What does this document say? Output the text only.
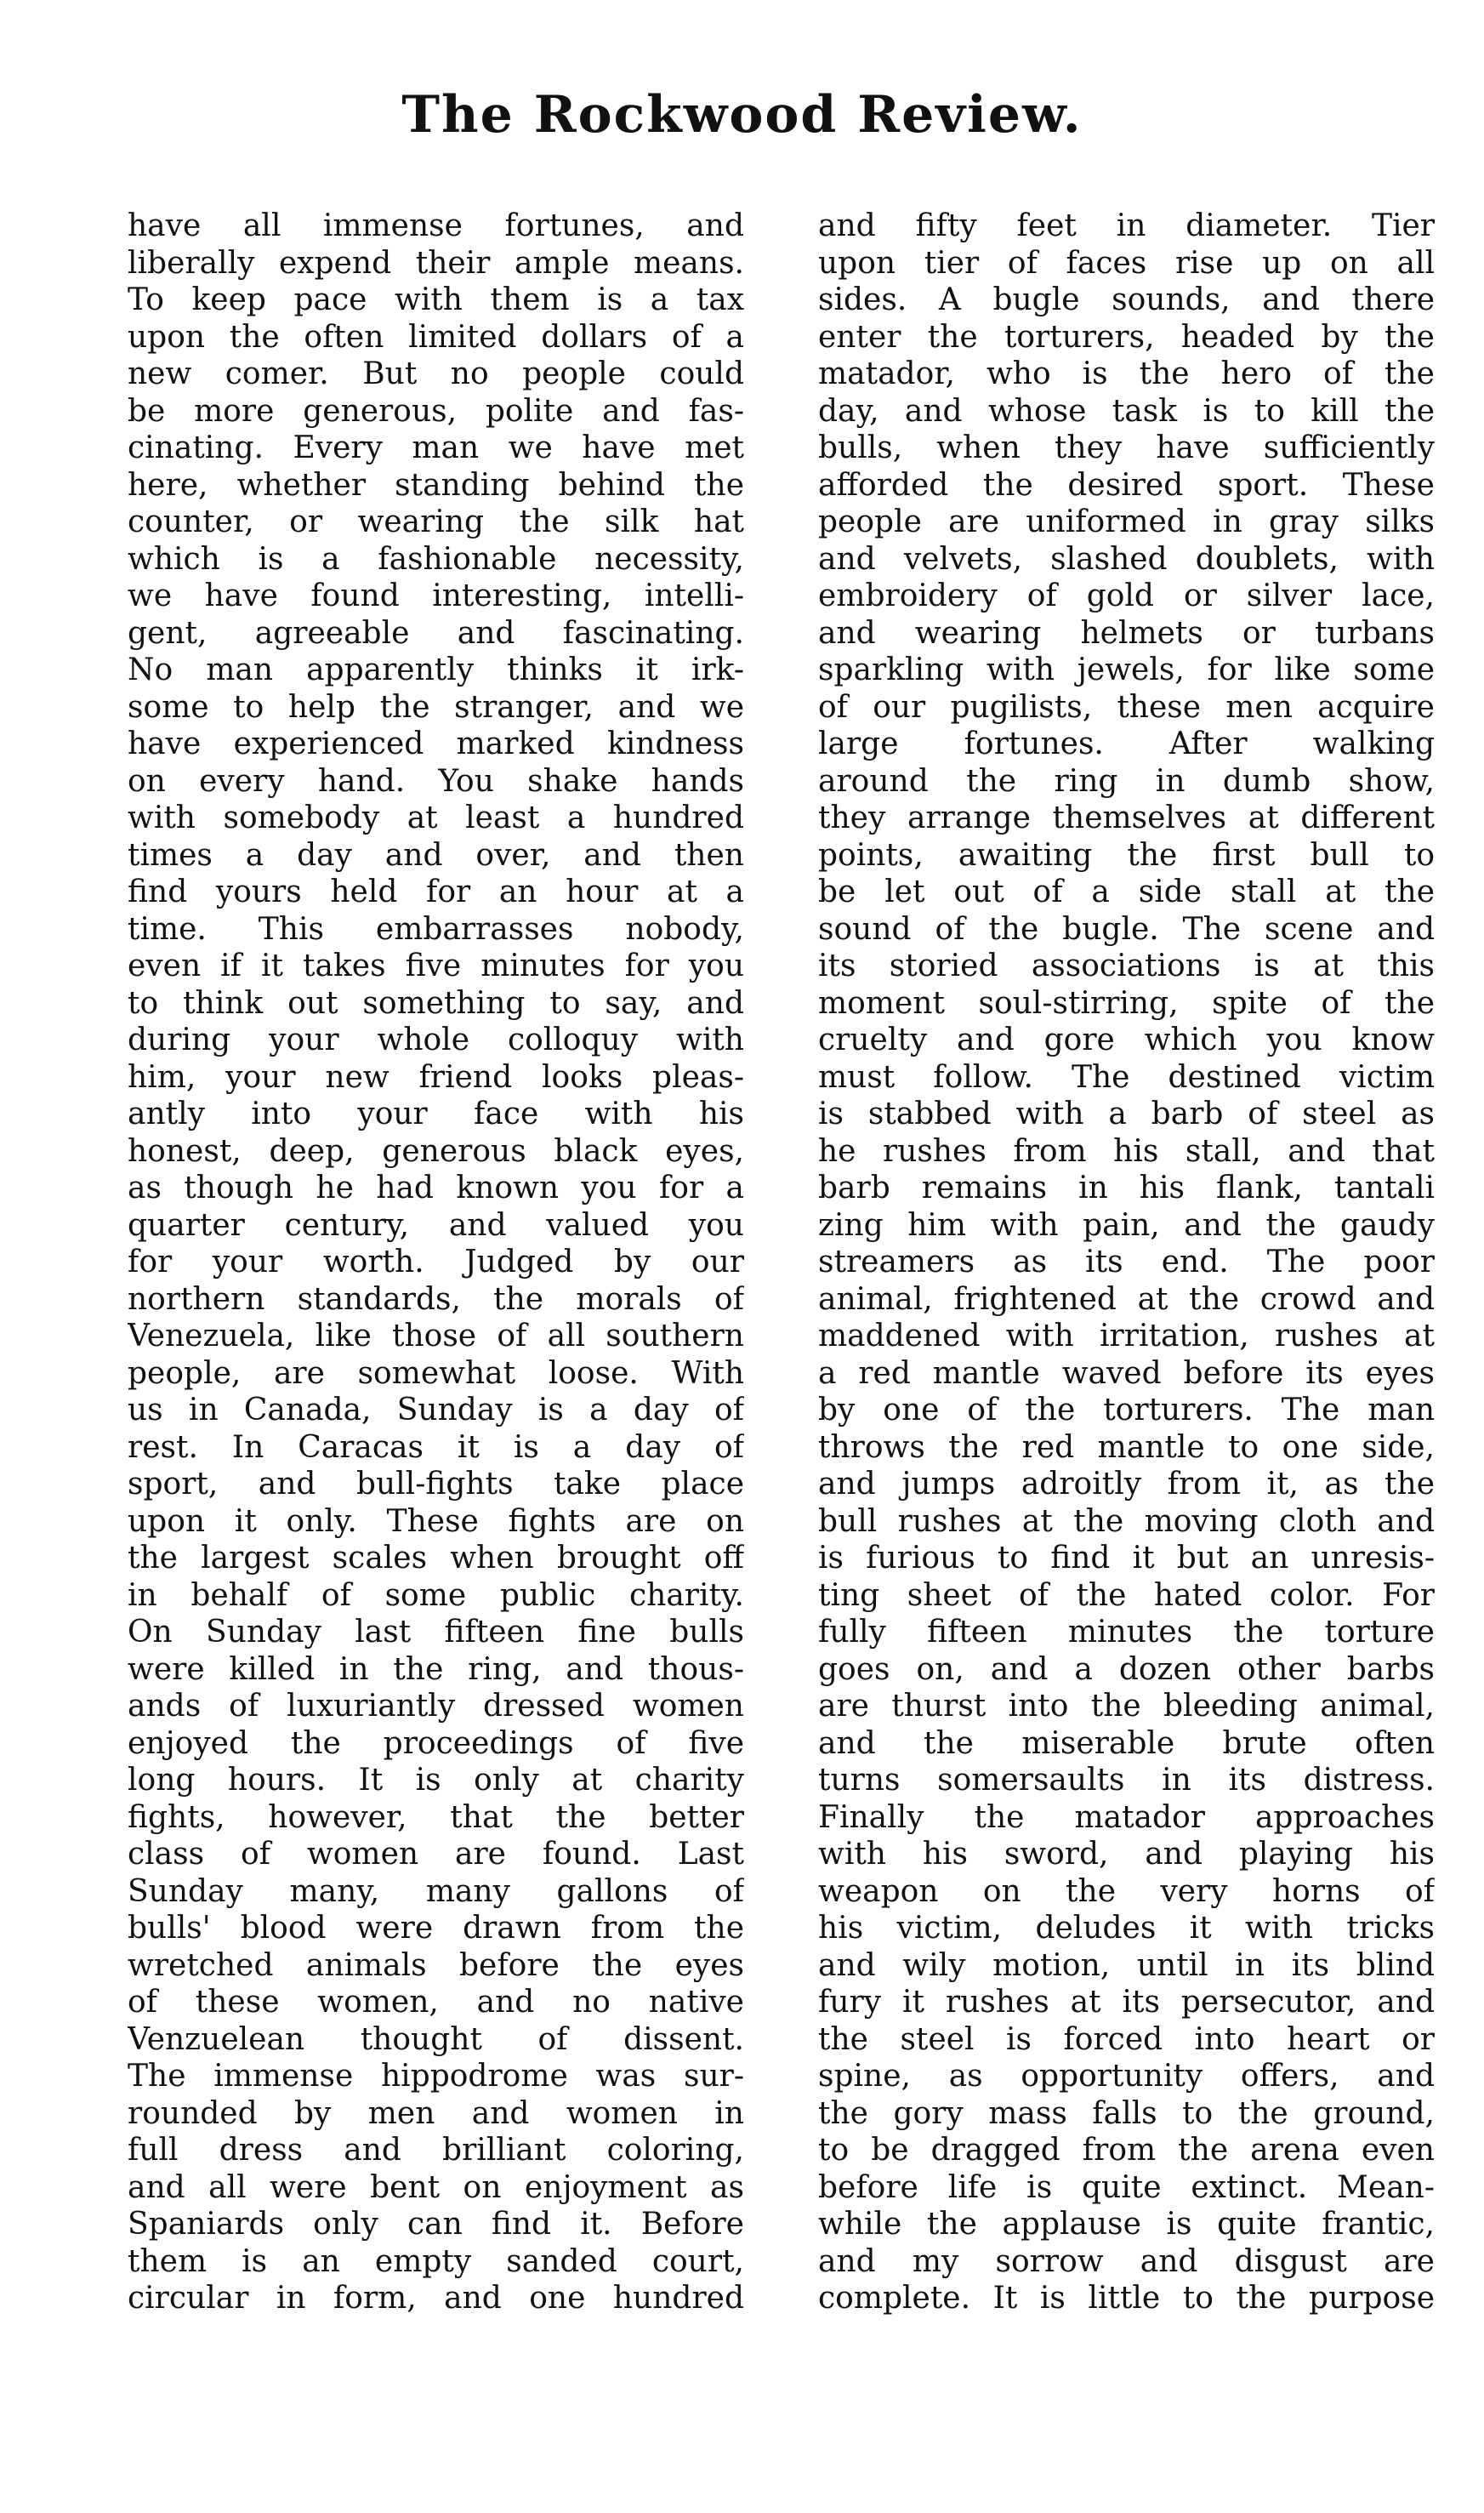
The Rockwood Review.
have all immense fortunes, and
liberally expend their ample means.
To keep pace with them is a tax
upon the often limited dollars of a
new comer. But no people could
be more generous, polite and fas-
cinating. Every man we have met
here, whether standing behind the
counter, or wearing the silk hat
which is a fashionable necessity,
we have found interesting, intelli-
gent, agreeable and fascinating.
No man apparently thinks it irk-
some to help the stranger, and we
have experienced marked kindness
on every hand. You shake hands
with somebody at least a hundred
times a day and over, and then
find yours held for an hour at a
time. This embarrasses nobody,
even if it takes five minutes for you
to think out something to say, and
during your whole colloquy with
him, your new friend looks pleas-
antly into your face with his
honest, deep, generous black eyes,
as though he had known you for a
quarter century, and valued you
for your worth. Judged by our
northern standards, the morals of
Venezuela, like those of all southern
people, are somewhat loose. With
us in Canada, Sunday is a day of
rest. In Caracas it is a day of
sport, and bull-fights take place
upon it only. These fights are on
the largest scales when brought off
in behalf of some public charity.
On Sunday last fifteen fine bulls
were killed in the ring, and thous-
ands of luxuriantly dressed women
enjoyed the proceedings of five
long hours. It is only at charity
fights, however, that the better
class of women are found. Last
Sunday many, many gallons of
bulls' blood were drawn from the
wretched animals before the eyes
of these women, and no native
Venzuelean thought of dissent.
The immense hippodrome was sur-
rounded by men and women in
full dress and brilliant coloring,
and all were bent on enjoyment as
Spaniards only can find it. Before
them is an empty sanded court,
circular in form, and one hundred
and fifty feet in diameter. Tier
upon tier of faces rise up on all
sides. A bugle sounds, and there
enter the torturers, headed by the
matador, who is the hero of the
day, and whose task is to kill the
bulls, when they have sufficiently
afforded the desired sport. These
people are uniformed in gray silks
and velvets, slashed doublets, with
embroidery of gold or silver lace,
and wearing helmets or turbans
sparkling with jewels, for like some
of our pugilists, these men acquire
large fortunes. After walking
around the ring in dumb show,
they arrange themselves at different
points, awaiting the first bull to
be let out of a side stall at the
sound of the bugle. The scene and
its storied associations is at this
moment soul-stirring, spite of the
cruelty and gore which you know
must follow. The destined victim
is stabbed with a barb of steel as
he rushes from his stall, and that
barb remains in his flank, tantali
zing him with pain, and the gaudy
streamers as its end. The poor
animal, frightened at the crowd and
maddened with irritation, rushes at
a red mantle waved before its eyes
by one of the torturers. The man
throws the red mantle to one side,
and jumps adroitly from it, as the
bull rushes at the moving cloth and
is furious to find it but an unresis-
ting sheet of the hated color. For
fully fifteen minutes the torture
goes on, and a dozen other barbs
are thurst into the bleeding animal,
and the miserable brute often
turns somersaults in its distress.
Finally the matador approaches
with his sword, and playing his
weapon on the very horns of
his victim, deludes it with tricks
and wily motion, until in its blind
fury it rushes at its persecutor, and
the steel is forced into heart or
spine, as opportunity offers, and
the gory mass falls to the ground,
to be dragged from the arena even
before life is quite extinct. Mean-
while the applause is quite frantic,
and my sorrow and disgust are
complete. It is little to the purpose
